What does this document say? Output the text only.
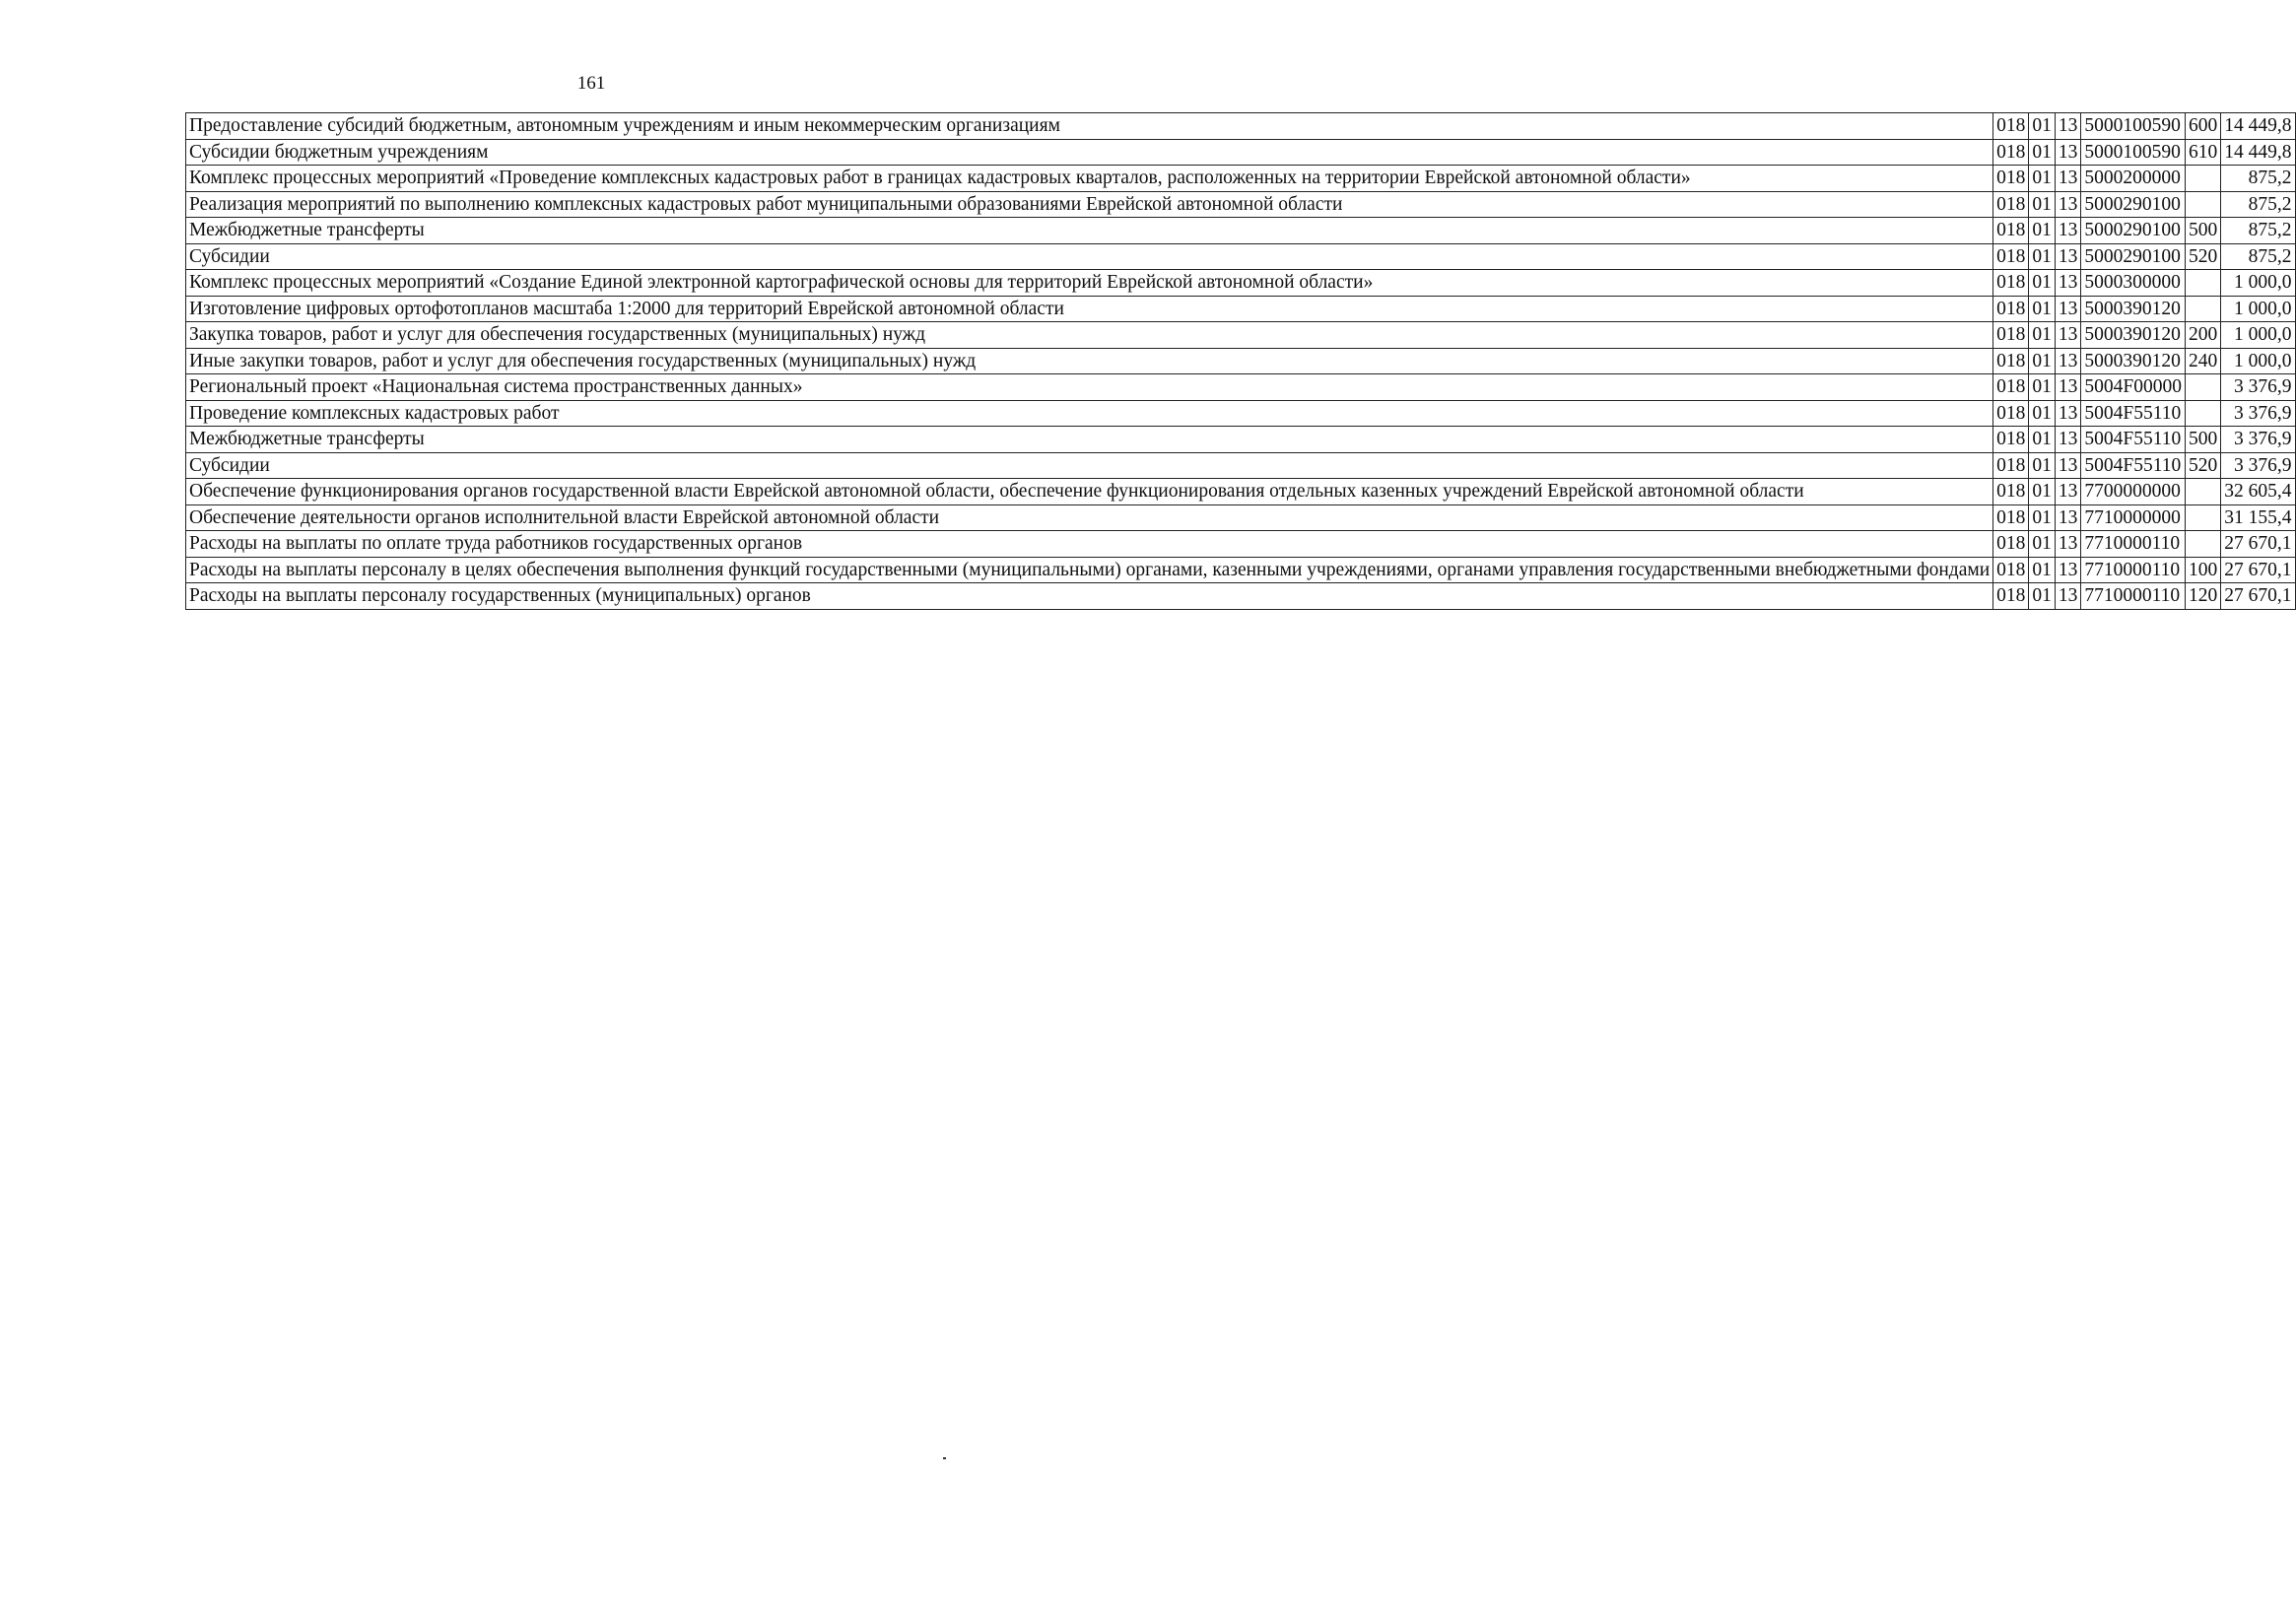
161
Предоставление субсидий бюджетным, автономным учреждениям и иным некоммерческим организациям	018	01	13	5000100590	600	14 449,8
Субсидии бюджетным учреждениям	018	01	13	5000100590	610	14 449,8
Комплекс процессных мероприятий «Проведение комплексных кадастровых работ в границах кадастровых кварталов, расположенных на территории Еврейской автономной области»	018	01	13	5000200000		875,2
Реализация мероприятий по выполнению комплексных кадастровых работ муниципальными образованиями Еврейской автономной области	018	01	13	5000290100		875,2
Межбюджетные трансферты	018	01	13	5000290100	500	875,2
Субсидии	018	01	13	5000290100	520	875,2
Комплекс процессных мероприятий «Создание Единой электронной картографической основы для территорий Еврейской автономной области»	018	01	13	5000300000		1 000,0
Изготовление цифровых ортофотопланов масштаба 1:2000 для территорий Еврейской автономной области	018	01	13	5000390120		1 000,0
Закупка товаров, работ и услуг для обеспечения государственных (муниципальных) нужд	018	01	13	5000390120	200	1 000,0
Иные закупки товаров, работ и услуг для обеспечения государственных (муниципальных) нужд	018	01	13	5000390120	240	1 000,0
Региональный проект «Национальная система пространственных данных»	018	01	13	5004F00000		3 376,9
Проведение комплексных кадастровых работ	018	01	13	5004F55110		3 376,9
Межбюджетные трансферты	018	01	13	5004F55110	500	3 376,9
Субсидии	018	01	13	5004F55110	520	3 376,9
Обеспечение функционирования органов государственной власти Еврейской автономной области, обеспечение функционирования отдельных казенных учреждений Еврейской автономной области	018	01	13	7700000000		32 605,4
Обеспечение деятельности органов исполнительной власти Еврейской автономной области	018	01	13	7710000000		31 155,4
Расходы на выплаты по оплате труда работников государственных органов	018	01	13	7710000110		27 670,1
Расходы на выплаты персоналу в целях обеспечения выполнения функций государственными (муниципальными) органами, казенными учреждениями, органами управления государственными внебюджетными фондами	018	01	13	7710000110	100	27 670,1
Расходы на выплаты персоналу государственных (муниципальных) органов	018	01	13	7710000110	120	27 670,1
